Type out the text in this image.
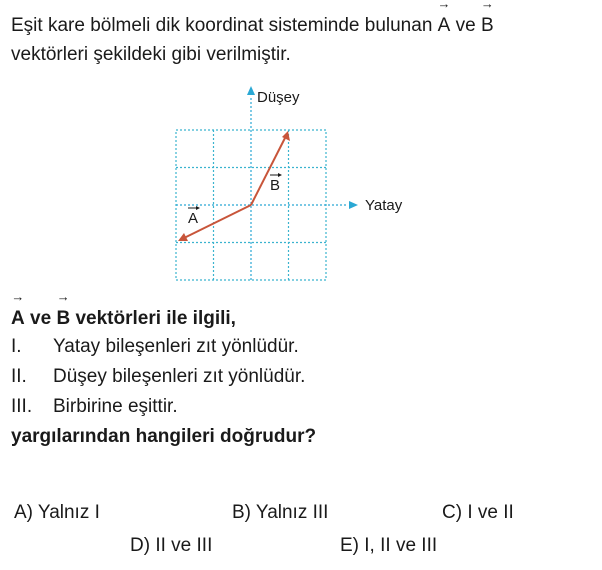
Eşit kare bölmeli dik koordinat sisteminde bulunan → A ve → B
vektörleri şekildeki gibi verilmiştir.
Düşey
Yatay
A
B
→ A ve → B vektörleri ile ilgili,
I.	Yatay bileşenleri zıt yönlüdür.
II.	Düşey bileşenleri zıt yönlüdür.
III.	Birbirine eşittir.
yargılarından hangileri doğrudur?
A) Yalnız I	B) Yalnız III	C) I ve II
D) II ve III	E) I, II ve III
